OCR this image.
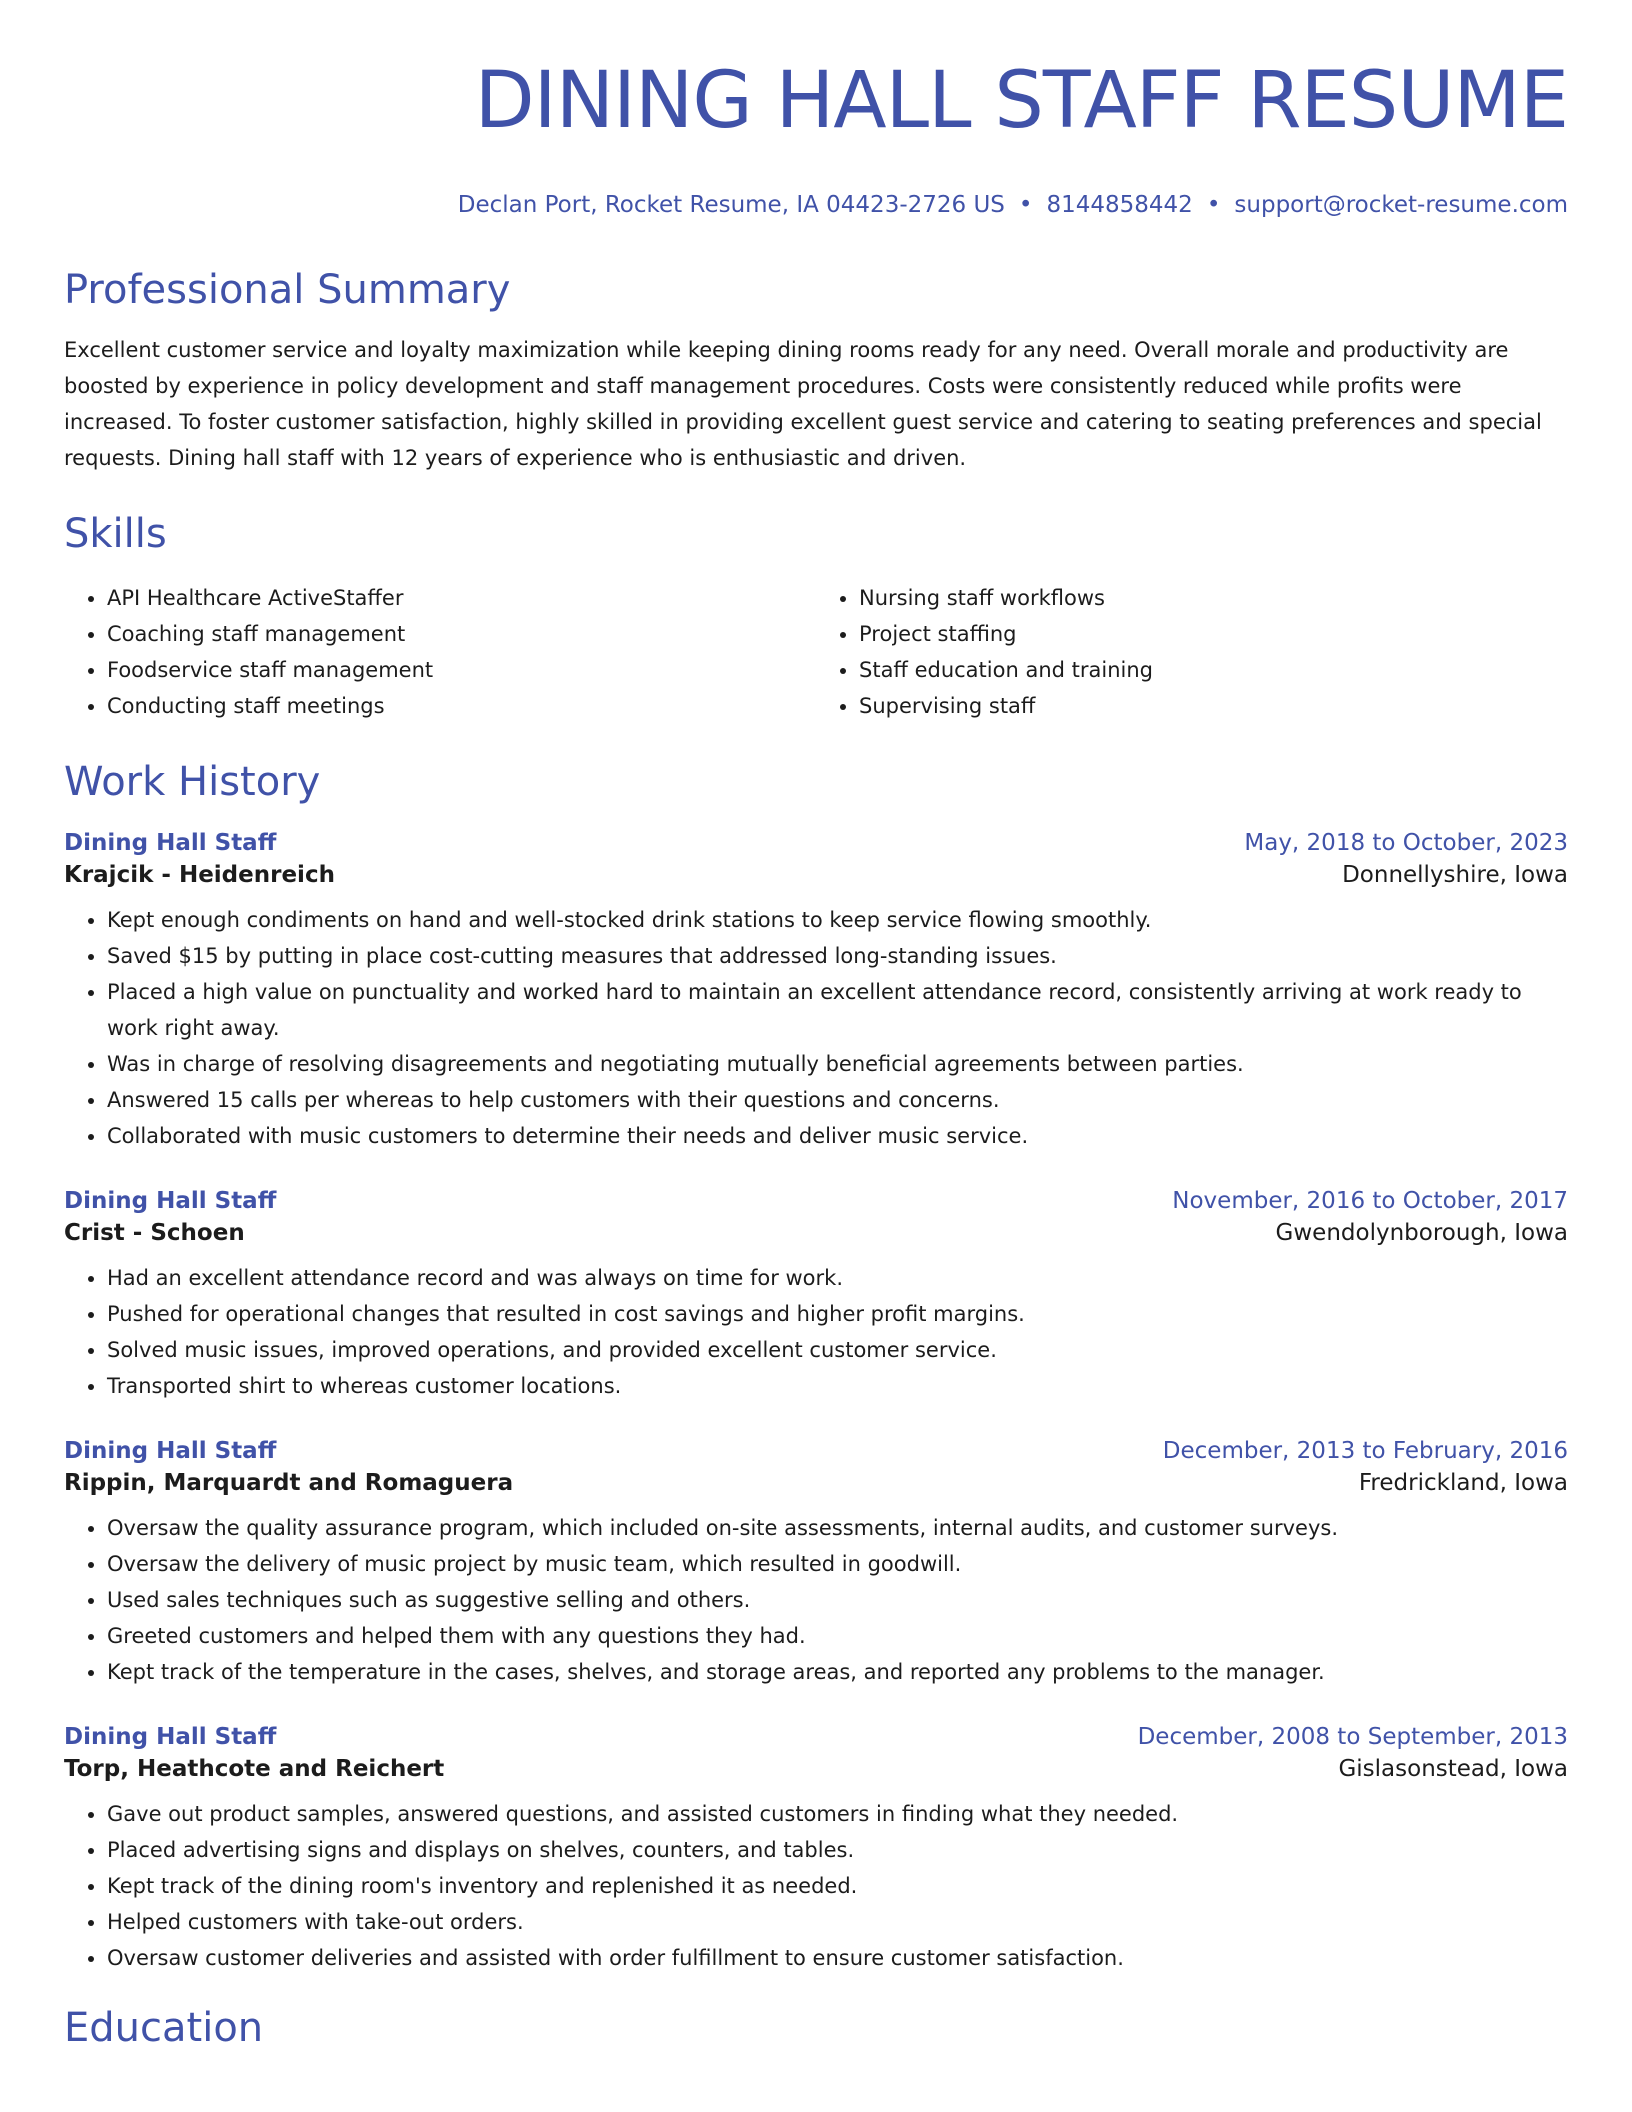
DINING HALL STAFF RESUME
Declan Port, Rocket Resume, IA 04423-2726 US • 8144858442 • support@rocket-resume.com
Professional Summary
Excellent customer service and loyalty maximization while keeping dining rooms ready for any need. Overall morale and productivity are boosted by experience in policy development and staff management procedures. Costs were consistently reduced while profits were increased. To foster customer satisfaction, highly skilled in providing excellent guest service and catering to seating preferences and special requests. Dining hall staff with 12 years of experience who is enthusiastic and driven.
Skills
• API Healthcare ActiveStaffer
• Coaching staff management
• Foodservice staff management
• Conducting staff meetings
• Nursing staff workflows
• Project staffing
• Staff education and training
• Supervising staff
Work History
Dining Hall Staff	May, 2018 to October, 2023
Krajcik - Heidenreich	Donnellyshire, Iowa
• Kept enough condiments on hand and well-stocked drink stations to keep service flowing smoothly.
• Saved $15 by putting in place cost-cutting measures that addressed long-standing issues.
• Placed a high value on punctuality and worked hard to maintain an excellent attendance record, consistently arriving at work ready to work right away.
• Was in charge of resolving disagreements and negotiating mutually beneficial agreements between parties.
• Answered 15 calls per whereas to help customers with their questions and concerns.
• Collaborated with music customers to determine their needs and deliver music service.
Dining Hall Staff	November, 2016 to October, 2017
Crist - Schoen	Gwendolynborough, Iowa
• Had an excellent attendance record and was always on time for work.
• Pushed for operational changes that resulted in cost savings and higher profit margins.
• Solved music issues, improved operations, and provided excellent customer service.
• Transported shirt to whereas customer locations.
Dining Hall Staff	December, 2013 to February, 2016
Rippin, Marquardt and Romaguera	Fredrickland, Iowa
• Oversaw the quality assurance program, which included on-site assessments, internal audits, and customer surveys.
• Oversaw the delivery of music project by music team, which resulted in goodwill.
• Used sales techniques such as suggestive selling and others.
• Greeted customers and helped them with any questions they had.
• Kept track of the temperature in the cases, shelves, and storage areas, and reported any problems to the manager.
Dining Hall Staff	December, 2008 to September, 2013
Torp, Heathcote and Reichert	Gislasonstead, Iowa
• Gave out product samples, answered questions, and assisted customers in finding what they needed.
• Placed advertising signs and displays on shelves, counters, and tables.
• Kept track of the dining room's inventory and replenished it as needed.
• Helped customers with take-out orders.
• Oversaw customer deliveries and assisted with order fulfillment to ensure customer satisfaction.
Education
